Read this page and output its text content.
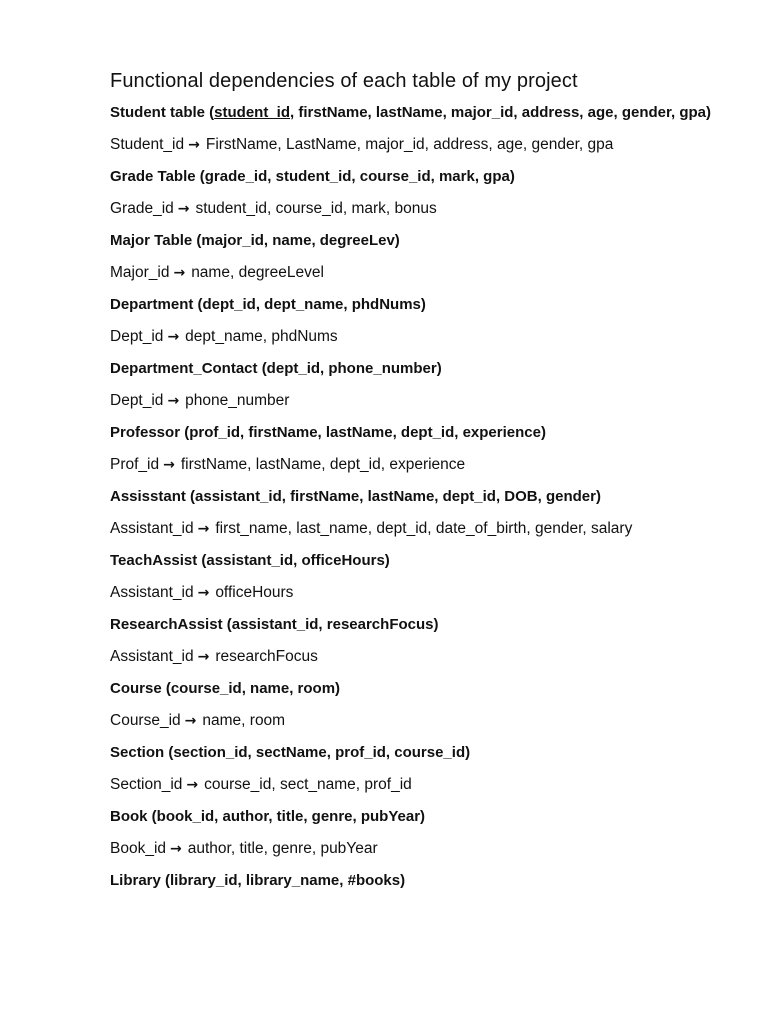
Functional dependencies of each table of my project
Student table (student_id, firstName, lastName, major_id, address, age, gender, gpa)
Student_id → FirstName, LastName, major_id, address, age, gender, gpa
Grade Table (grade_id, student_id, course_id, mark, gpa)
Grade_id → student_id, course_id, mark, bonus
Major Table (major_id, name, degreeLev)
Major_id → name, degreeLevel
Department (dept_id, dept_name, phdNums)
Dept_id → dept_name, phdNums
Department_Contact (dept_id, phone_number)
Dept_id → phone_number
Professor (prof_id, firstName, lastName, dept_id, experience)
Prof_id → firstName, lastName, dept_id, experience
Assisstant (assistant_id, firstName, lastName, dept_id, DOB, gender)
Assistant_id → first_name, last_name, dept_id, date_of_birth, gender, salary
TeachAssist (assistant_id, officeHours)
Assistant_id → officeHours
ResearchAssist (assistant_id, researchFocus)
Assistant_id → researchFocus
Course (course_id, name, room)
Course_id → name, room
Section (section_id, sectName, prof_id, course_id)
Section_id → course_id, sect_name, prof_id
Book (book_id, author, title, genre, pubYear)
Book_id → author, title, genre, pubYear
Library (library_id, library_name, #books)
